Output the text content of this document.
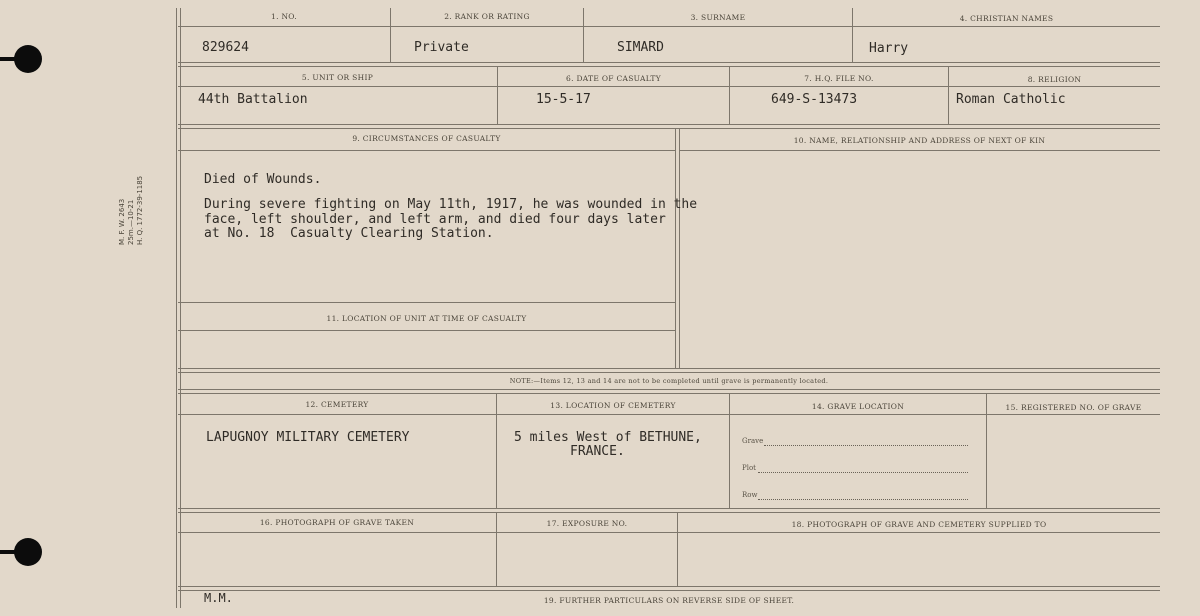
M. F. W. 2643
25m.—10-21
H. Q. 1772-39-1185
1. NO.	2. RANK OR RATING	3. SURNAME	4. CHRISTIAN NAMES
829624	Private	SIMARD	Harry
5. UNIT OR SHIP	6. DATE OF CASUALTY	7. H.Q. FILE NO.	8. RELIGION
44th Battalion	15-5-17	649-S-13473	Roman Catholic
9. CIRCUMSTANCES OF CASUALTY	10. NAME, RELATIONSHIP AND ADDRESS OF NEXT OF KIN
Died of Wounds.
During severe fighting on May 11th, 1917, he was wounded in the
face, left shoulder, and left arm, and died four days later
at No. 18  Casualty Clearing Station.
11. LOCATION OF UNIT AT TIME OF CASUALTY
NOTE:—Items 12, 13 and 14 are not to be completed until grave is permanently located.
12. CEMETERY	13. LOCATION OF CEMETERY	14. GRAVE LOCATION	15. REGISTERED NO. OF GRAVE
LAPUGNOY MILITARY CEMETERY	5 miles West of BETHUNE,
FRANCE.
Grave
Plot
Row
16. PHOTOGRAPH OF GRAVE TAKEN	17. EXPOSURE NO.	18. PHOTOGRAPH OF GRAVE AND CEMETERY SUPPLIED TO
M.M.	19. FURTHER PARTICULARS ON REVERSE SIDE OF SHEET.
